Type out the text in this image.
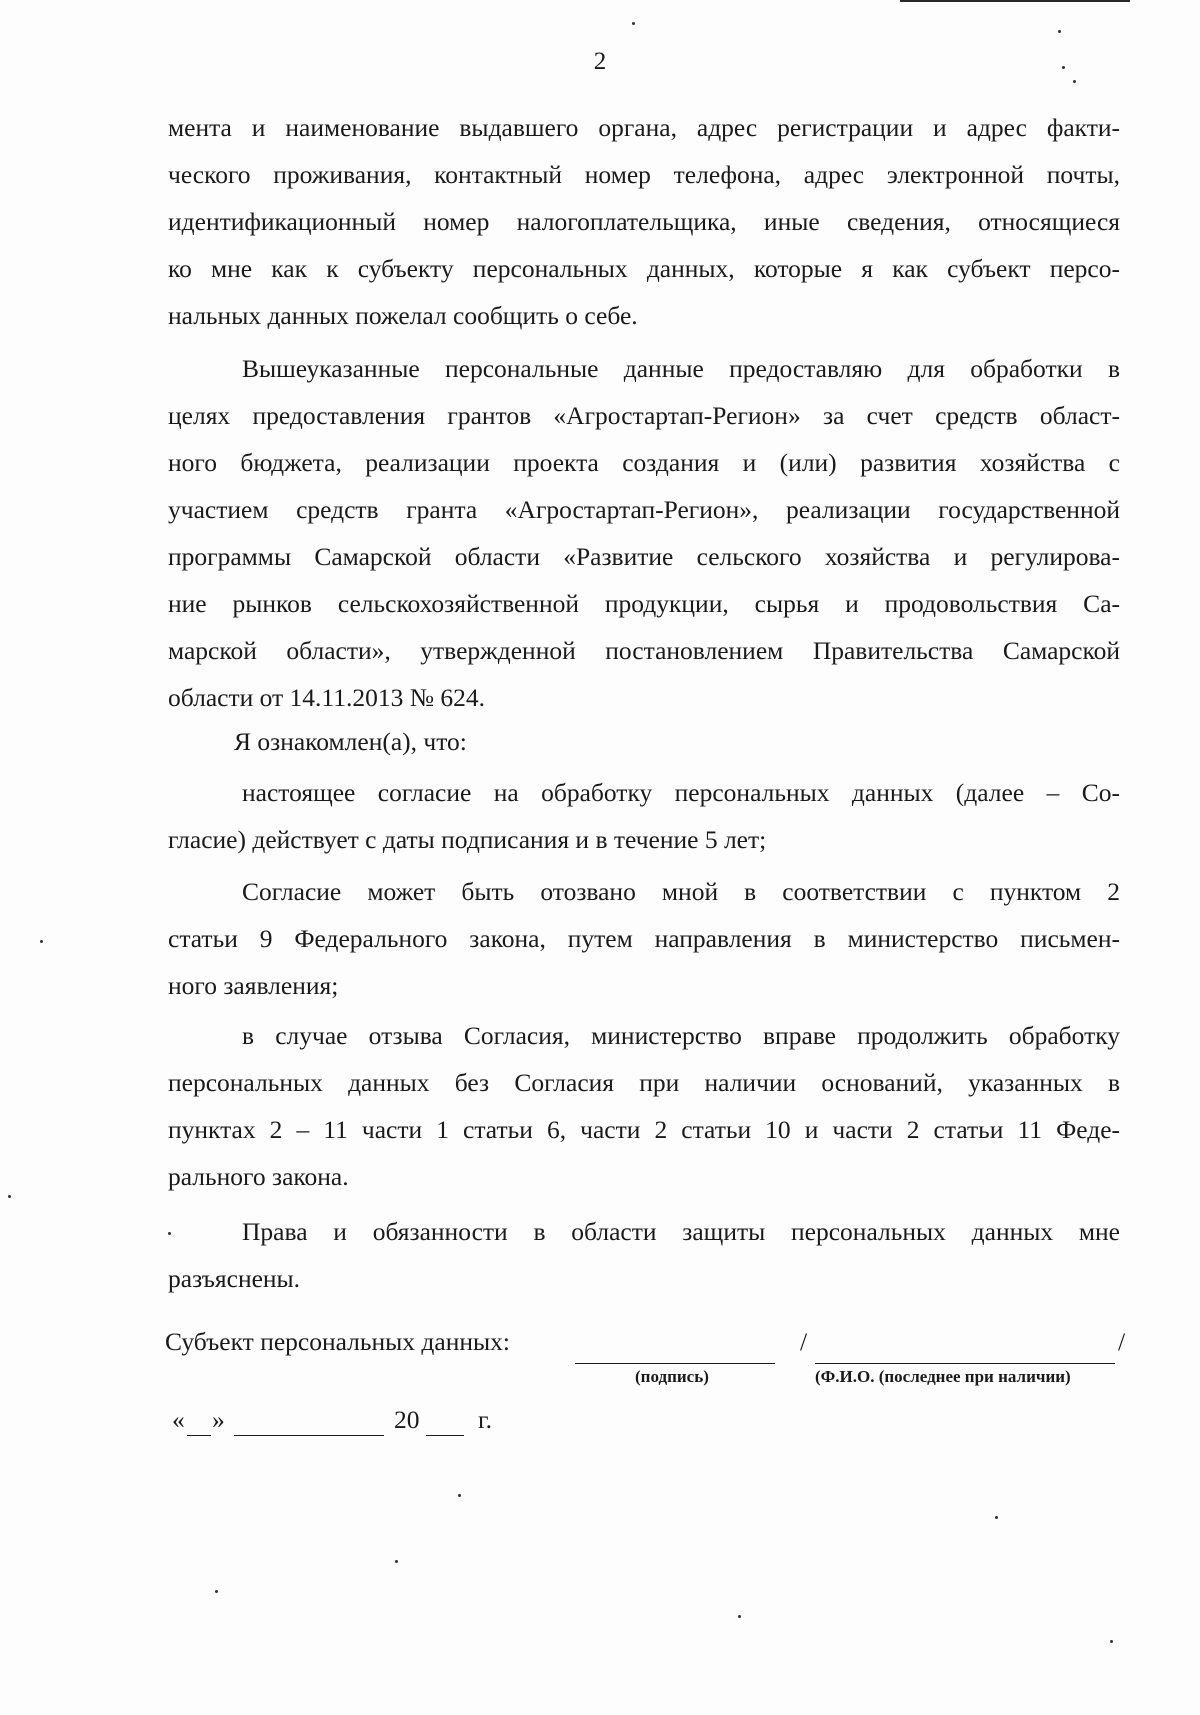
2
мента и наименование выдавшего органа, адрес регистрации и адрес факти-
ческого проживания, контактный номер телефона, адрес электронной почты,
идентификационный номер налогоплательщика, иные сведения, относящиеся
ко мне как к субъекту персональных данных, которые я как субъект персо-
нальных данных пожелал сообщить о себе.
Вышеуказанные персональные данные предоставляю для обработки в
целях предоставления грантов «Агростартап-Регион» за счет средств област-
ного бюджета, реализации проекта создания и (или) развития хозяйства с
участием средств гранта «Агростартап-Регион», реализации государственной
программы Самарской области «Развитие сельского хозяйства и регулирова-
ние рынков сельскохозяйственной продукции, сырья и продовольствия Са-
марской области», утвержденной постановлением Правительства Самарской
области от 14.11.2013 № 624.
Я ознакомлен(а), что:
настоящее согласие на обработку персональных данных (далее – Со-
гласие) действует с даты подписания и в течение 5 лет;
Согласие может быть отозвано мной в соответствии с пунктом 2
статьи 9 Федерального закона, путем направления в министерство письмен-
ного заявления;
в случае отзыва Согласия, министерство вправе продолжить обработку
персональных данных без Согласия при наличии оснований, указанных в
пунктах 2 – 11 части 1 статьи 6, части 2 статьи 10 и части 2 статьи 11 Феде-
рального закона.
Права и обязанности в области защиты персональных данных мне
разъяснены.
Субъект персональных данных:	/	/
(подпись)	(Ф.И.О. (последнее при наличии)
« »	20 г.
